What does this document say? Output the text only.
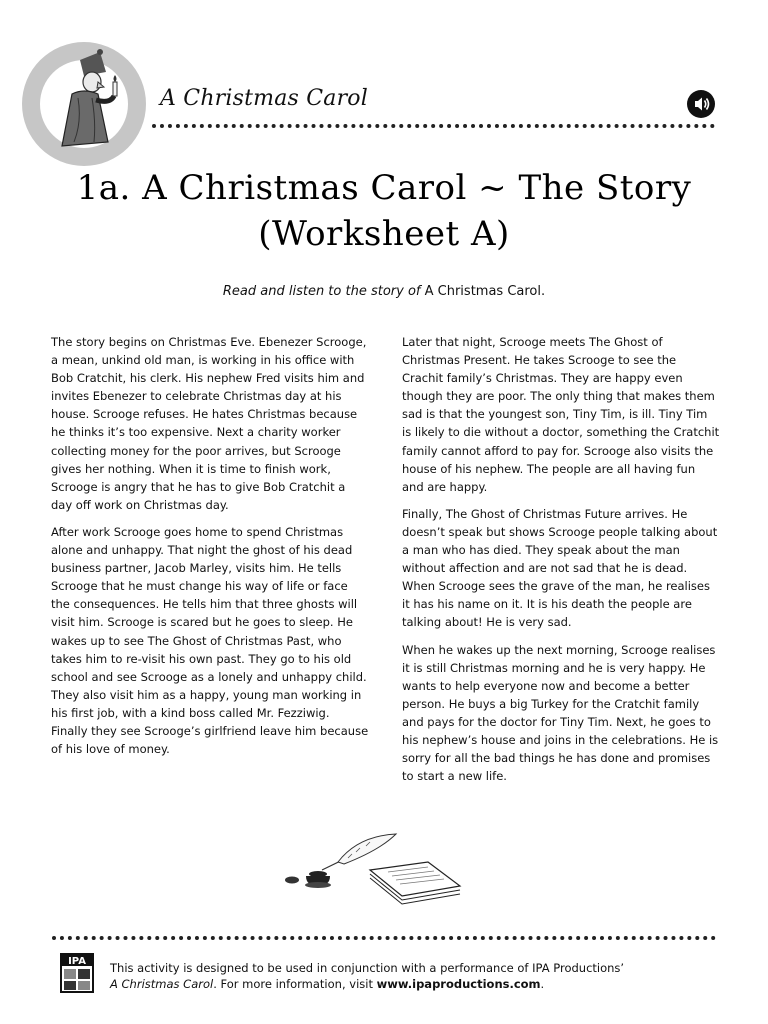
A Christmas Carol
1a. A Christmas Carol ~ The Story
(Worksheet A)
Read and listen to the story of A Christmas Carol.

The story begins on Christmas Eve. Ebenezer Scrooge, a mean, unkind old man, is working in his office with Bob Cratchit, his clerk. His nephew Fred visits him and invites Ebenezer to celebrate Christmas day at his house. Scrooge refuses. He hates Christmas because he thinks it’s too expensive. Next a charity worker collecting money for the poor arrives, but Scrooge gives her nothing. When it is time to finish work, Scrooge is angry that he has to give Bob Cratchit a day off work on Christmas day.

After work Scrooge goes home to spend Christmas alone and unhappy. That night the ghost of his dead business partner, Jacob Marley, visits him. He tells Scrooge that he must change his way of life or face the consequences. He tells him that three ghosts will visit him. Scrooge is scared but he goes to sleep. He wakes up to see The Ghost of Christmas Past, who takes him to re-visit his own past. They go to his old school and see Scrooge as a lonely and unhappy child. They also visit him as a happy, young man working in his first job, with a kind boss called Mr. Fezziwig. Finally they see Scrooge’s girlfriend leave him because of his love of money.

Later that night, Scrooge meets The Ghost of Christmas Present. He takes Scrooge to see the Crachit family’s Christmas. They are happy even though they are poor. The only thing that makes them sad is that the youngest son, Tiny Tim, is ill. Tiny Tim is likely to die without a doctor, something the Cratchit family cannot afford to pay for. Scrooge also visits the

house of his nephew. The people are all having fun and are happy.

Finally, The Ghost of Christmas Future arrives. He doesn’t speak but shows Scrooge people talking about a man who has died. They speak about the man without affection and are not sad that he is dead. When Scrooge sees the grave of the man, he realises it has his name on it. It is his death the people are talking about! He is very sad.

When he wakes up the next morning, Scrooge realises it is still Christmas morning and he is very happy. He wants to help everyone now and become a better person. He buys a big Turkey for the Cratchit family and pays for the doctor for Tiny Tim. Next, he goes to his nephew’s house and joins in the celebrations. He is sorry for all the bad things he has done and promises to start a new life.

IPA This activity is designed to be used in conjunction with a performance of IPA Productions’
A Christmas Carol. For more information, visit www.ipaproductions.com.
